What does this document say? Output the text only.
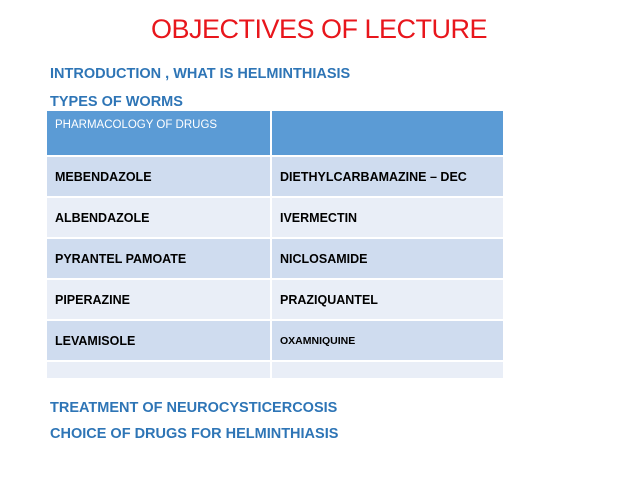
OBJECTIVES OF LECTURE
INTRODUCTION , WHAT IS HELMINTHIASIS
TYPES OF WORMS
PHARMACOLOGY OF DRUGS	
MEBENDAZOLE	DIETHYLCARBAMAZINE – DEC
ALBENDAZOLE	IVERMECTIN
PYRANTEL PAMOATE	NICLOSAMIDE
PIPERAZINE	PRAZIQUANTEL
LEVAMISOLE	OXAMNIQUINE

TREATMENT OF NEUROCYSTICERCOSIS
CHOICE OF DRUGS FOR HELMINTHIASIS
